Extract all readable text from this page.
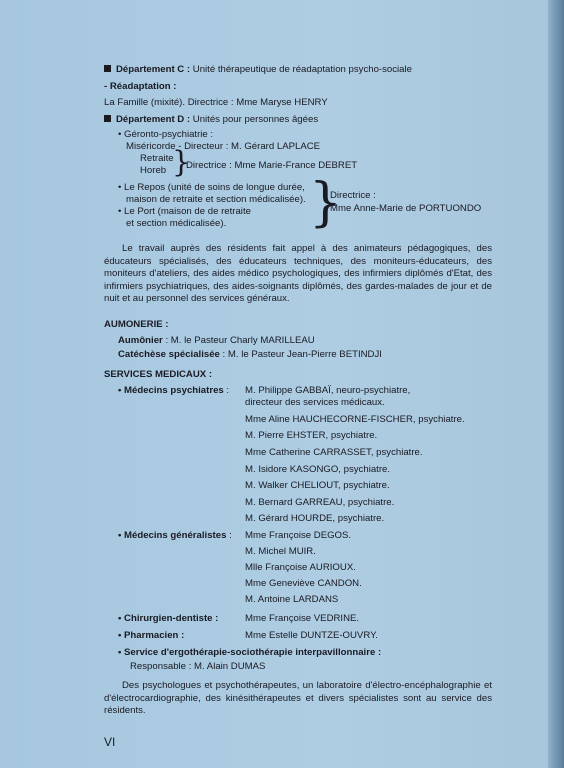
Département C : Unité thérapeutique de réadaptation psycho-sociale
- Réadaptation :
La Famille (mixité). Directrice : Mme Maryse HENRY
Département D : Unités pour personnes âgées
• Géronto-psychiatrie :
Miséricorde - Directeur : M. Gérard LAPLACE
Retraite
Horeb }
Directrice : Mme Marie-France DEBRET
• Le Repos (unité de soins de longue durée,
maison de retraite et section médicalisée).
• Le Port (maison de de retraite
et section médicalisée). }
Directrice :
Mme Anne-Marie de PORTUONDO
Le travail auprès des résidents fait appel à des animateurs pédagogiques, des éducateurs spécialisés, des éducateurs techniques, des moniteurs-éducateurs, des moniteurs d'ateliers, des aides médico psychologiques, des infirmiers diplômés d'Etat, des infirmiers psychiatriques, des aides-soignants diplômés, des gardes-malades de jour et de nuit et au personnel des services généraux.
AUMONERIE :
Aumônier : M. le Pasteur Charly MARILLEAU
Catéchèse spécialisée : M. le Pasteur Jean-Pierre BETINDJI
SERVICES MEDICAUX :
• Médecins psychiatres : M. Philippe GABBAÏ, neuro-psychiatre,
directeur des services médicaux.
Mme Aline HAUCHECORNE-FISCHER, psychiatre.
M. Pierre EHSTER, psychiatre.
Mme Catherine CARRASSET, psychiatre.
M. Isidore KASONGO, psychiatre.
M. Walker CHELIOUT, psychiatre.
M. Bernard GARREAU, psychiatre.
M. Gérard HOURDE, psychiatre.
• Médecins généralistes : Mme Françoise DEGOS.
M. Michel MUIR.
Mlle Françoise AURIOUX.
Mme Geneviève CANDON.
M. Antoine LARDANS
• Chirurgien-dentiste :	Mme Françoise VEDRINE.
• Pharmacien :	Mme Estelle DUNTZE-OUVRY.
• Service d'ergothérapie-sociothérapie interpavillonnaire :
Responsable : M. Alain DUMAS
Des psychologues et psychothérapeutes, un laboratoire d'électro-encéphalographie et d'électrocardiographie, des kinésithérapeutes et divers spécialistes sont au service des résidents.
VI
